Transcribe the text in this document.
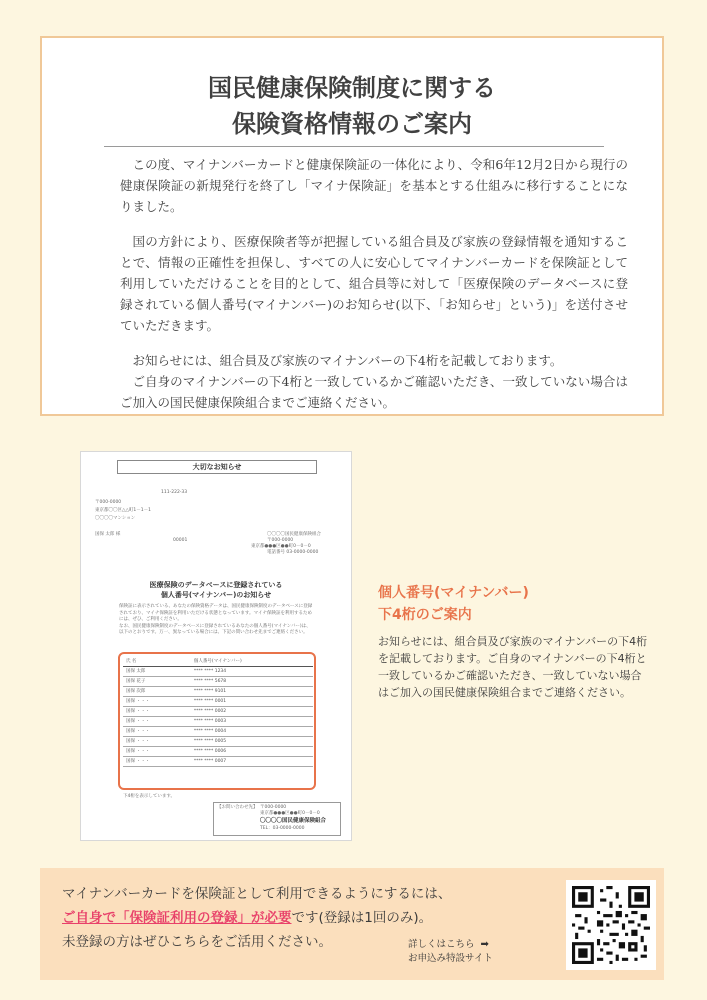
国民健康保険制度に関する
保険資格情報のご案内

この度、マイナンバーカードと健康保険証の一体化により、令和6年12月2日から現行の健康保険証の新規発行を終了し「マイナ保険証」を基本とする仕組みに移行することになりました。

国の方針により、医療保険者等が把握している組合員及び家族の登録情報を通知することで、情報の正確性を担保し、すべての人に安心してマイナンバーカードを保険証として利用していただけることを目的として、組合員等に対して「医療保険のデータベースに登録されている個人番号(マイナンバー)のお知らせ(以下、「お知らせ」という)」を送付させていただきます。

お知らせには、組合員及び家族のマイナンバーの下4桁を記載しております。

ご自身のマイナンバーの下4桁と一致しているかご確認いただき、一致していない場合はご加入の国民健康保険組合までご連絡ください。

大切なお知らせ
111-222-33
〒000-0000
東京都〇〇区△△町1－1－1
〇〇〇〇マンション
国保 太郎 様
00001
〇〇〇〇国民健康保険組合
〒000-0000
東京都●●●区●●町0－0－0
電話番号 03-0000-0000
医療保険のデータベースに登録されている
個人番号(マイナンバー)のお知らせ
保険証に表示されている、あなたの保険資格データは、国民健康保険制度のデータベースに登録されており、マイナ保険証を利用いただける状態となっています。マイナ保険証を利用するためには、ぜひ、ご利用ください。
なお、国民健康保険制度のデータベースに登録されているあなたの個人番号(マイナンバー)は、以下のとおりです。万一、異なっている場合には、下記の問い合わせ先までご連絡ください。
氏 名	個人番号(マイナンバー)
国保 太郎	**** **** 1234
国保 花子	**** **** 5678
国保 次郎	**** **** 9101
国保 ・・・	**** **** 0001
国保 ・・・	**** **** 0002
国保 ・・・	**** **** 0003
国保 ・・・	**** **** 0004
国保 ・・・	**** **** 0005
国保 ・・・	**** **** 0006
国保 ・・・	**** **** 0007
下4桁を表示しています。
【お問い合わせ先】 〒000-0000
東京都●●●区●●町0－0－0
〇〇〇〇国民健康保険組合
TEL：03-0000-0000
個人番号(マイナンバー)
下4桁のご案内
お知らせには、組合員及び家族のマイナンバーの下4桁を記載しております。ご自身のマイナンバーの下4桁と一致しているかご確認いただき、一致していない場合はご加入の国民健康保険組合までご連絡ください。
マイナンバーカードを保険証として利用できるようにするには、
ご自身で「保険証利用の登録」が必要です(登録は1回のみ)。
未登録の方はぜひこちらをご活用ください。	詳しくはこちら ➡
お申込み特設サイト
